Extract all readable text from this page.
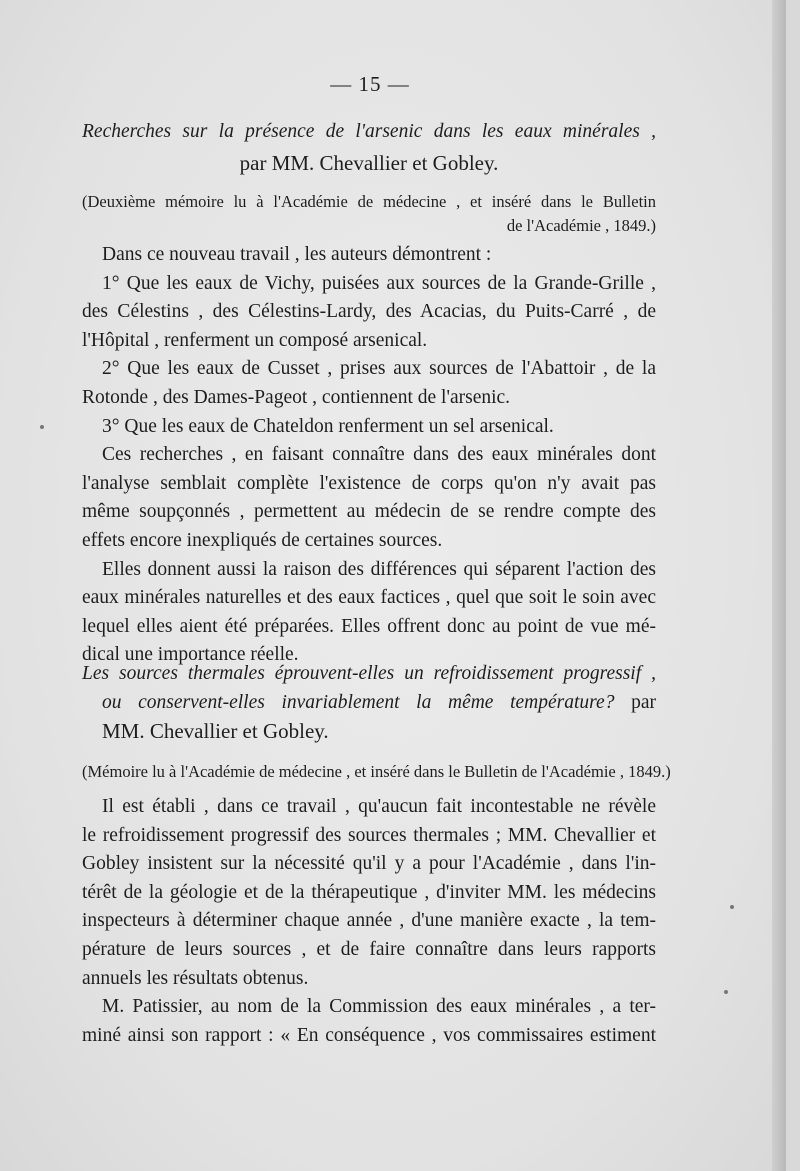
— 15 —
Recherches sur la présence de l'arsenic dans les eaux minérales ,
par MM. Chevallier et Gobley.
(Deuxième mémoire lu à l'Académie de médecine , et inséré dans le Bulletin
de l'Académie , 1849.)
Dans ce nouveau travail , les auteurs démontrent :
1° Que les eaux de Vichy, puisées aux sources de la Grande-Grille ,
des Célestins , des Célestins-Lardy, des Acacias, du Puits-Carré , de
l'Hôpital , renferment un composé arsenical.
2° Que les eaux de Cusset , prises aux sources de l'Abattoir , de la
Rotonde , des Dames-Pageot , contiennent de l'arsenic.
3° Que les eaux de Chateldon renferment un sel arsenical.
Ces recherches , en faisant connaître dans des eaux minérales dont
l'analyse semblait complète l'existence de corps qu'on n'y avait pas
même soupçonnés , permettent au médecin de se rendre compte des
effets encore inexpliqués de certaines sources.
Elles donnent aussi la raison des différences qui séparent l'action des
eaux minérales naturelles et des eaux factices , quel que soit le soin avec
lequel elles aient été préparées. Elles offrent donc au point de vue mé-
dical une importance réelle.
Les sources thermales éprouvent-elles un refroidissement progressif ,
ou conservent-elles invariablement la même température? par
MM. Chevallier et Gobley.
(Mémoire lu à l'Académie de médecine , et inséré dans le Bulletin de l'Académie , 1849.)
Il est établi , dans ce travail , qu'aucun fait incontestable ne révèle
le refroidissement progressif des sources thermales ; MM. Chevallier et
Gobley insistent sur la nécessité qu'il y a pour l'Académie , dans l'in-
térêt de la géologie et de la thérapeutique , d'inviter MM. les médecins
inspecteurs à déterminer chaque année , d'une manière exacte , la tem-
pérature de leurs sources , et de faire connaître dans leurs rapports
annuels les résultats obtenus.
M. Patissier, au nom de la Commission des eaux minérales , a ter-
miné ainsi son rapport : « En conséquence , vos commissaires estiment
